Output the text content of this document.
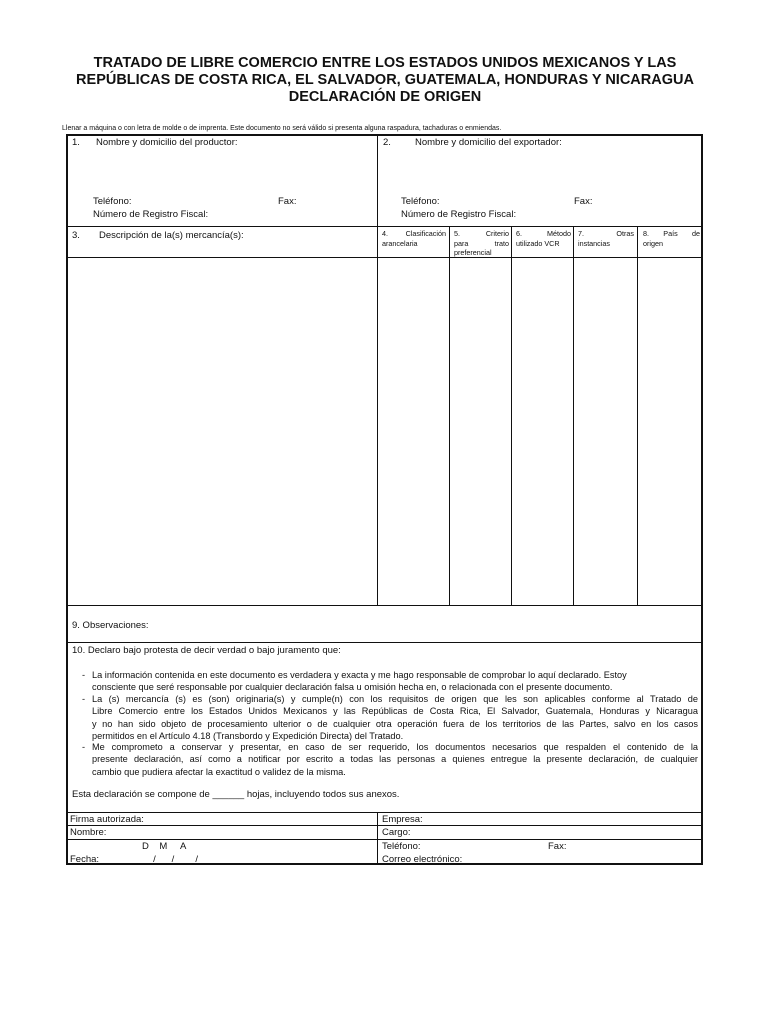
TRATADO DE LIBRE COMERCIO ENTRE LOS ESTADOS UNIDOS MEXICANOS Y LAS
REPÚBLICAS DE COSTA RICA, EL SALVADOR, GUATEMALA, HONDURAS Y NICARAGUA
DECLARACIÓN DE ORIGEN
Llenar a máquina o con letra de molde o de imprenta. Este documento no será válido si presenta alguna raspadura, tachaduras o enmiendas.
1. Nombre y domicilio del productor:
Teléfono:	Fax:
Número de Registro Fiscal:
2.	Nombre y domicilio del exportador:
Teléfono:	Fax:
Número de Registro Fiscal:
3. Descripción de la(s) mercancía(s):	4. Clasificación
arancelaria
5. Criterio
para trato
preferencial
6. Método
utilizado VCR
7. Otras
instancias
8. País de
origen
9. Observaciones:
10. Declaro bajo protesta de decir verdad o bajo juramento que:
- La información contenida en este documento es verdadera y exacta y me hago responsable de comprobar lo aquí declarado. Estoy
consciente que seré responsable por cualquier declaración falsa u omisión hecha en, o relacionada con el presente documento.
- La (s) mercancía (s) es (son) originaria(s) y cumple(n) con los requisitos de origen que les son aplicables conforme al Tratado de
Libre Comercio entre los Estados Unidos Mexicanos y las Repúblicas de Costa Rica, El Salvador, Guatemala, Honduras y Nicaragua
y no han sido objeto de procesamiento ulterior o de cualquier otra operación fuera de los territorios de las Partes, salvo en los casos
permitidos en el Artículo 4.18 (Transbordo y Expedición Directa) del Tratado.
- Me comprometo a conservar y presentar, en caso de ser requerido, los documentos necesarios que respalden el contenido de la
presente declaración, así como a notificar por escrito a todas las personas a quienes entregue la presente declaración, de cualquier
cambio que pudiera afectar la exactitud o validez de la misma.
Esta declaración se compone de ______ hojas, incluyendo todos sus anexos.
Firma autorizada:
Nombre:
D    M     A
Fecha:	____/___/____/
Empresa:
Cargo:
Teléfono:	Fax:
Correo electrónico:
